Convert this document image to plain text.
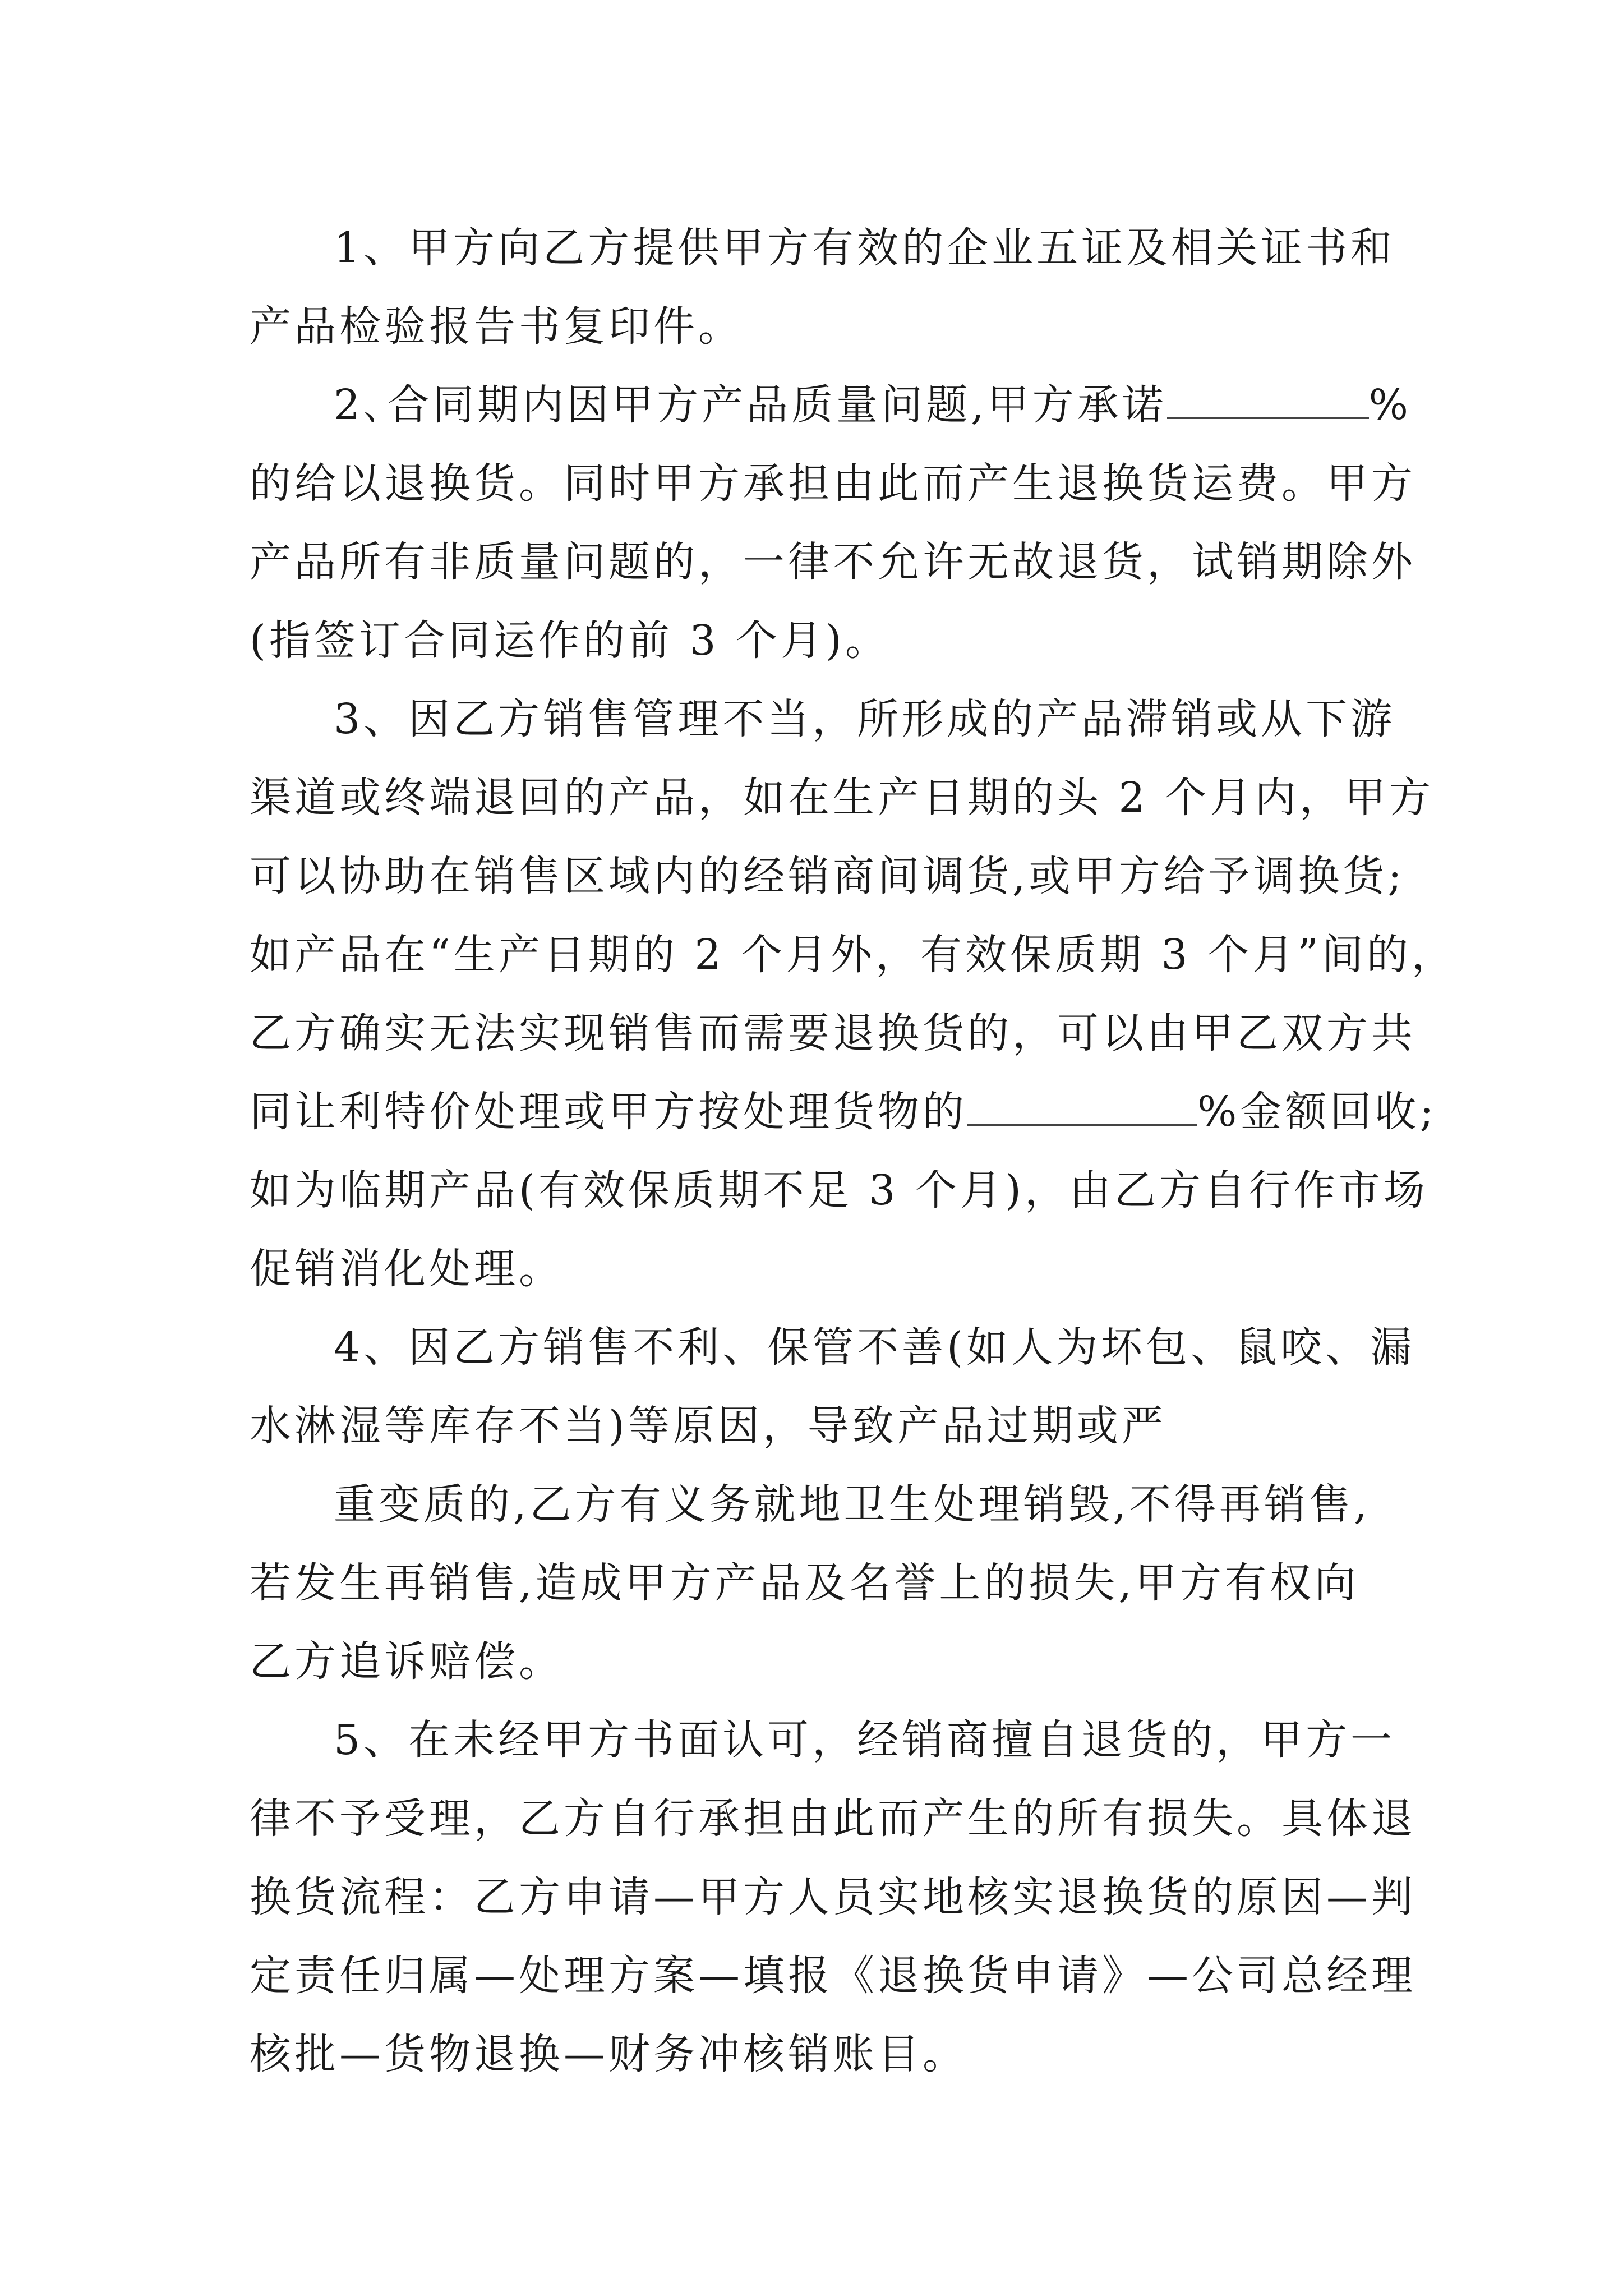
1、甲方向乙方提供甲方有效的企业五证及相关证书和
产品检验报告书复印件。

2､合同期内因甲方产品质量问题,甲方承诺	%
的给以退换货。同时甲方承担由此而产生退换货运费。甲方
产品所有非质量问题的，一律不允许无故退货，试销期除外
(指签订合同运作的前 3 个月)。

3、因乙方销售管理不当，所形成的产品滞销或从下游
渠道或终端退回的产品，如在生产日期的头 2 个月内，甲方
可以协助在销售区域内的经销商间调货,或甲方给予调换货;
如产品在“生产日期的 2 个月外，有效保质期 3 个月”间的，
乙方确实无法实现销售而需要退换货的，可以由甲乙双方共
同让利特价处理或甲方按处理货物的	%金额回收;
如为临期产品(有效保质期不足 3 个月)，由乙方自行作市场
促销消化处理。

4、因乙方销售不利、保管不善(如人为坏包、鼠咬、漏
水淋湿等库存不当)等原因，导致产品过期或严

重变质的,乙方有义务就地卫生处理销毁,不得再销售,
若发生再销售,造成甲方产品及名誉上的损失,甲方有权向
乙方追诉赔偿。

5、在未经甲方书面认可，经销商擅自退货的，甲方一
律不予受理，乙方自行承担由此而产生的所有损失。具体退
换货流程：乙方申请—甲方人员实地核实退换货的原因—判
定责任归属—处理方案—填报《退换货申请》—公司总经理
核批—货物退换—财务冲核销账目。
